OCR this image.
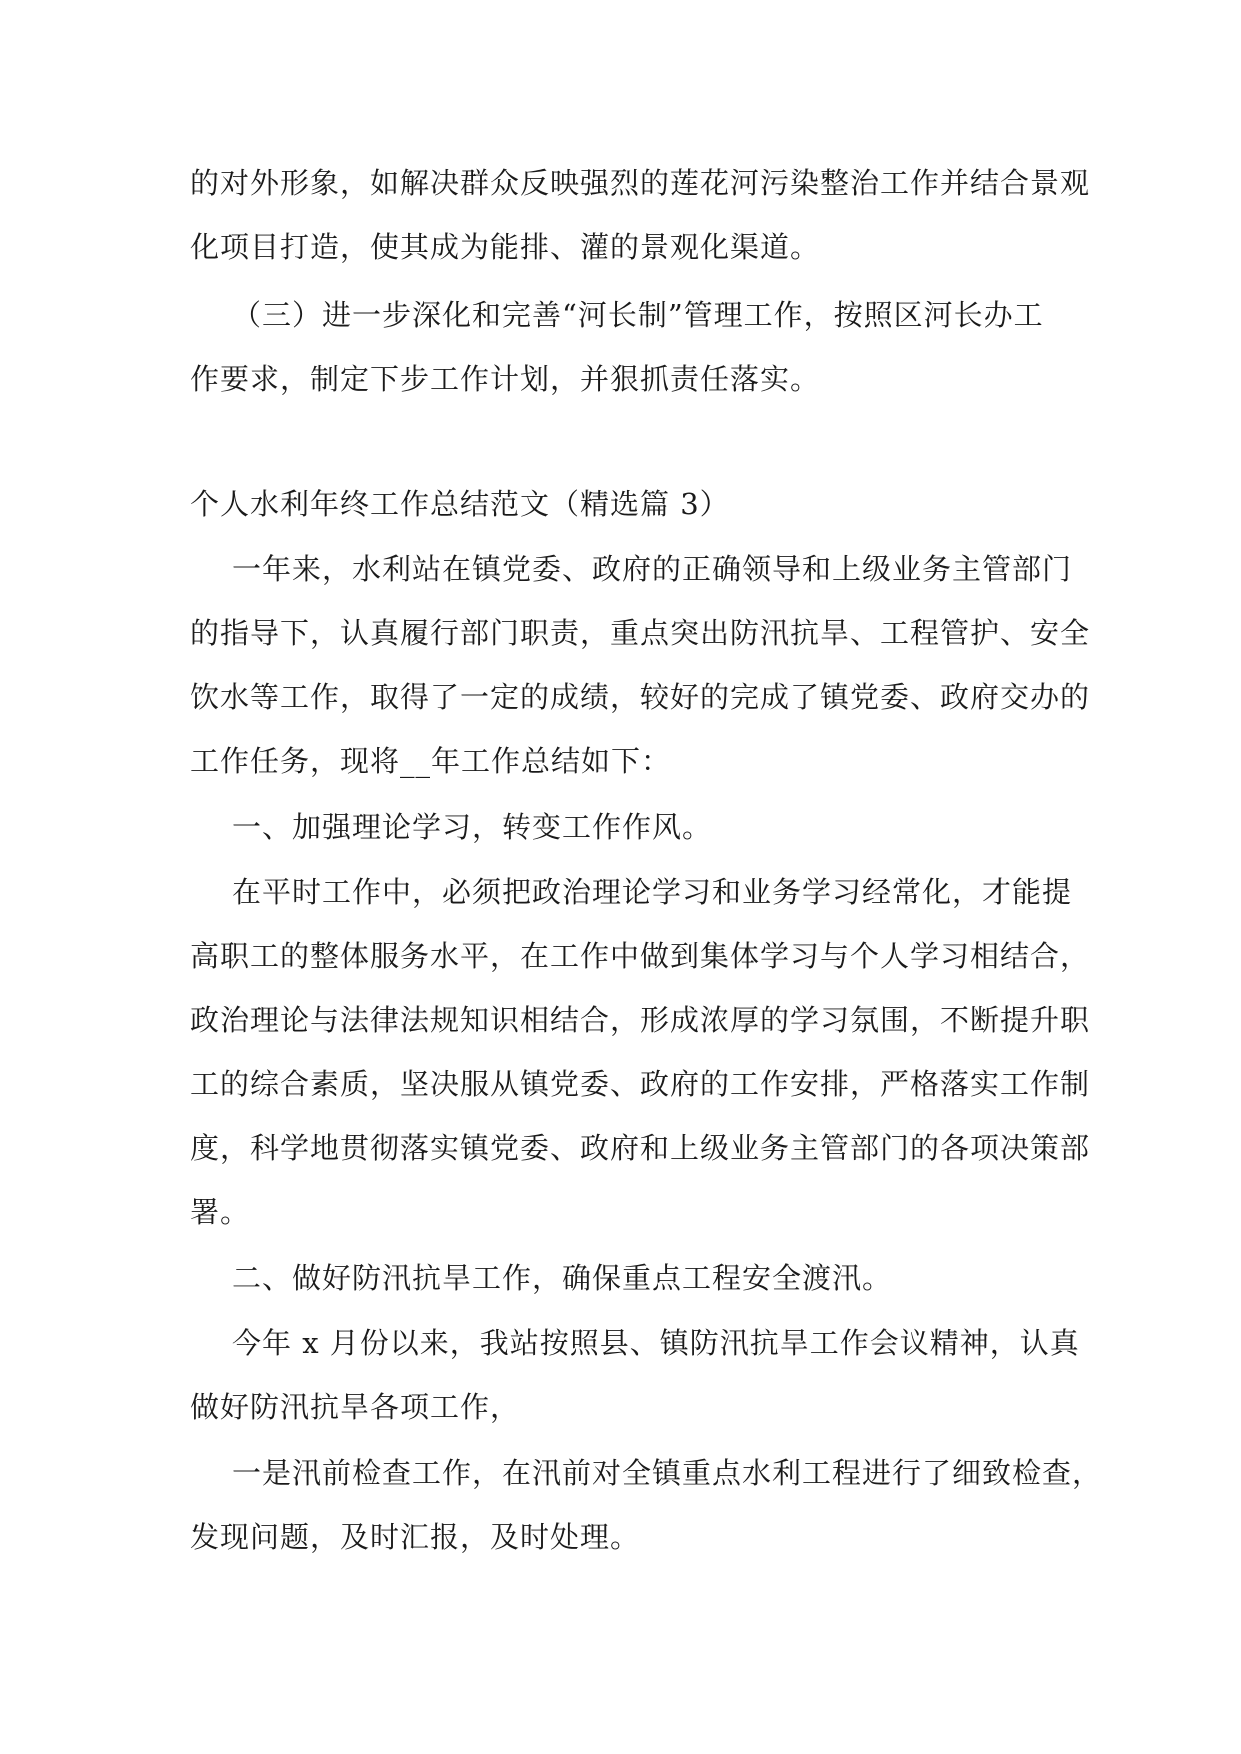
的对外形象，如解决群众反映强烈的莲花河污染整治工作并结合景观
化项目打造，使其成为能排、灌的景观化渠道。
（三）进一步深化和完善“河长制”管理工作，按照区河长办工
作要求，制定下步工作计划，并狠抓责任落实。
个人水利年终工作总结范文（精选篇 3）
一年来，水利站在镇党委、政府的正确领导和上级业务主管部门
的指导下，认真履行部门职责，重点突出防汛抗旱、工程管护、安全
饮水等工作，取得了一定的成绩，较好的完成了镇党委、政府交办的
工作任务，现将__年工作总结如下：
一、加强理论学习，转变工作作风。
在平时工作中，必须把政治理论学习和业务学习经常化，才能提
高职工的整体服务水平，在工作中做到集体学习与个人学习相结合，
政治理论与法律法规知识相结合，形成浓厚的学习氛围，不断提升职
工的综合素质，坚决服从镇党委、政府的工作安排，严格落实工作制
度，科学地贯彻落实镇党委、政府和上级业务主管部门的各项决策部
署。
二、做好防汛抗旱工作，确保重点工程安全渡汛。
今年 x 月份以来，我站按照县、镇防汛抗旱工作会议精神，认真
做好防汛抗旱各项工作，
一是汛前检查工作，在汛前对全镇重点水利工程进行了细致检查，
发现问题，及时汇报，及时处理。
